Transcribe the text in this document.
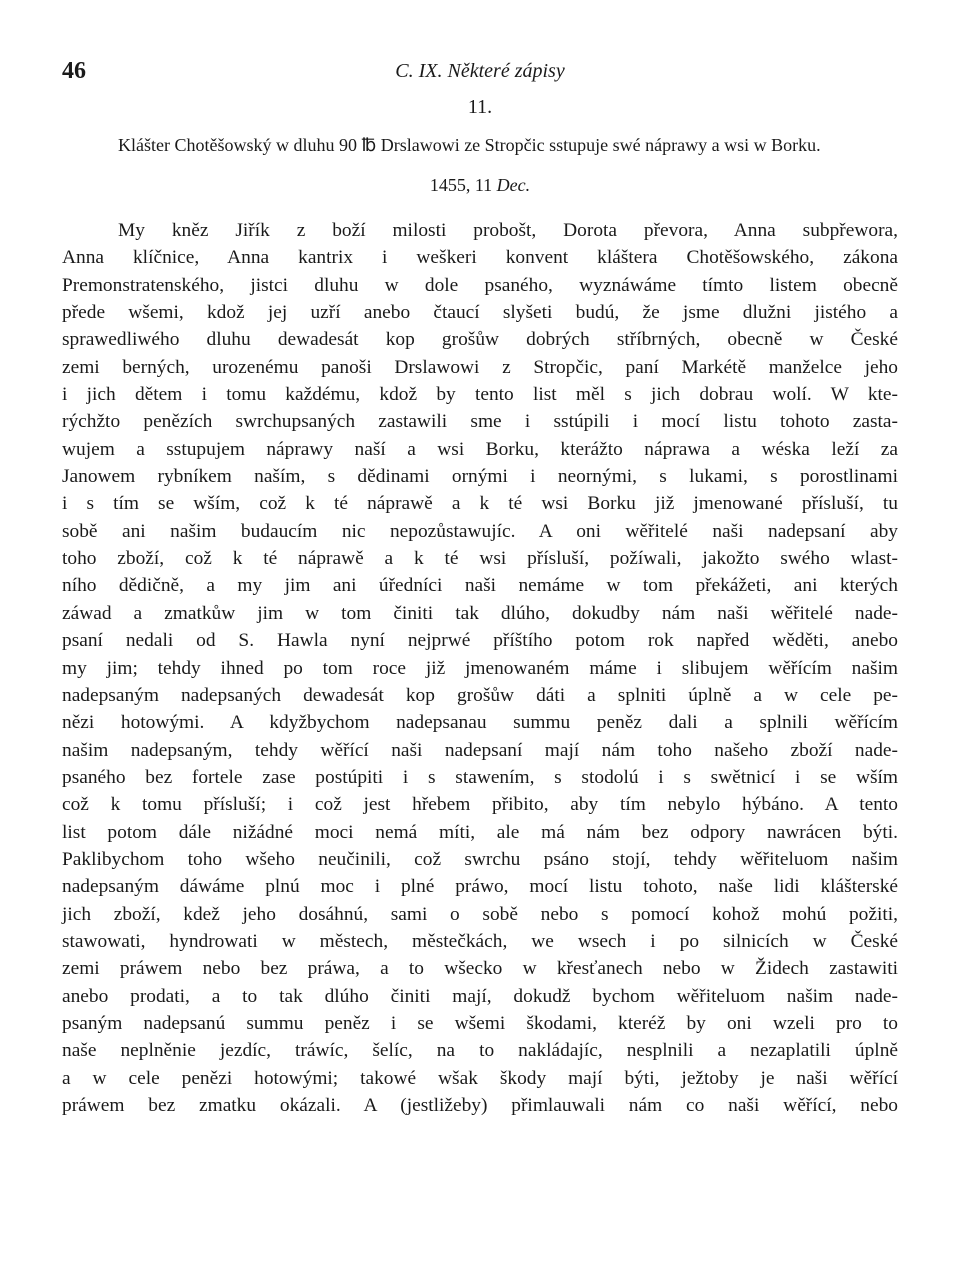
46	C. IX. Některé zápisy
11.

Klášter Chotěšowský w dluhu 90 ℔ Drslawowi ze Stropčic sstupuje swé náprawy a wsi w Borku.

1455, 11 Dec.
My kněz Jiřík z boží milosti probošt, Dorota převora, Anna subpřewora,
Anna klíčnice, Anna kantrix i weškeri konvent kláštera Chotěšowského, zákona
Premonstratenského, jistci dluhu w dole psaného, wyznáwáme tímto listem obecně
přede wšemi, kdož jej uzří anebo čtaucí slyšeti budú, že jsme dlužni jistého a
sprawedliwého dluhu dewadesát kop grošůw dobrých stříbrných, obecně w České
zemi berných, urozenému panoši Drslawowi z Stropčic, paní Markétě manželce jeho
i jich dětem i tomu každému, kdož by tento list měl s jich dobrau wolí. W kte-
rýchžto penězích swrchupsaných zastawili sme i sstúpili i mocí listu tohoto zasta-
wujem a sstupujem náprawy naší a wsi Borku, kterážto náprawa a wéska leží za
Janowem rybníkem naším, s dědinami ornými i neornými, s lukami, s porostlinami
i s tím se wším, což k té náprawě a k té wsi Borku již jmenowané přísluší, tu
sobě ani našim budaucím nic nepozůstawujíc. A oni wěřitelé naši nadepsaní aby
toho zboží, což k té náprawě a k té wsi přísluší, požíwali, jakožto swého wlast-
ního dědičně, a my jim ani úředníci naši nemáme w tom překážeti, ani kterých
záwad a zmatkůw jim w tom činiti tak dlúho, dokudby nám naši wěřitelé nade-
psaní nedali od S. Hawla nyní nejprwé příštího potom rok napřed wěděti, anebo
my jim; tehdy ihned po tom roce již jmenowaném máme i slibujem wěřícím našim
nadepsaným nadepsaných dewadesát kop grošůw dáti a splniti úplně a w cele pe-
nězi hotowými. A kdyžbychom nadepsanau summu peněz dali a splnili wěřícím
našim nadepsaným, tehdy wěřící naši nadepsaní mají nám toho našeho zboží nade-
psaného bez fortele zase postúpiti i s stawením, s stodolú i s swětnicí i se wším
což k tomu přísluší; i což jest hřebem přibito, aby tím nebylo hýbáno. A tento
list potom dále nižádné moci nemá míti, ale má nám bez odpory nawrácen býti.
Paklibychom toho wšeho neučinili, což swrchu psáno stojí, tehdy wěřiteluom našim
nadepsaným dáwáme plnú moc i plné práwo, mocí listu tohoto, naše lidi klášterské
jich zboží, kdež jeho dosáhnú, sami o sobě nebo s pomocí kohož mohú požiti,
stawowati, hyndrowati w městech, městečkách, we wsech i po silnicích w České
zemi práwem nebo bez práwa, a to wšecko w křesťanech nebo w Židech zastawiti
anebo prodati, a to tak dlúho činiti mají, dokudž bychom wěřiteluom našim nade-
psaným nadepsanú summu peněz i se wšemi škodami, kteréž by oni wzeli pro to
naše neplněnie jezdíc, tráwíc, šelíc, na to nakládajíc, nesplnili a nezaplatili úplně
a w cele penězi hotowými; takowé wšak škody mají býti, ježtoby je naši wěřící
práwem bez zmatku okázali. A (jestližeby) přimlauwali nám co naši wěřící, nebo
